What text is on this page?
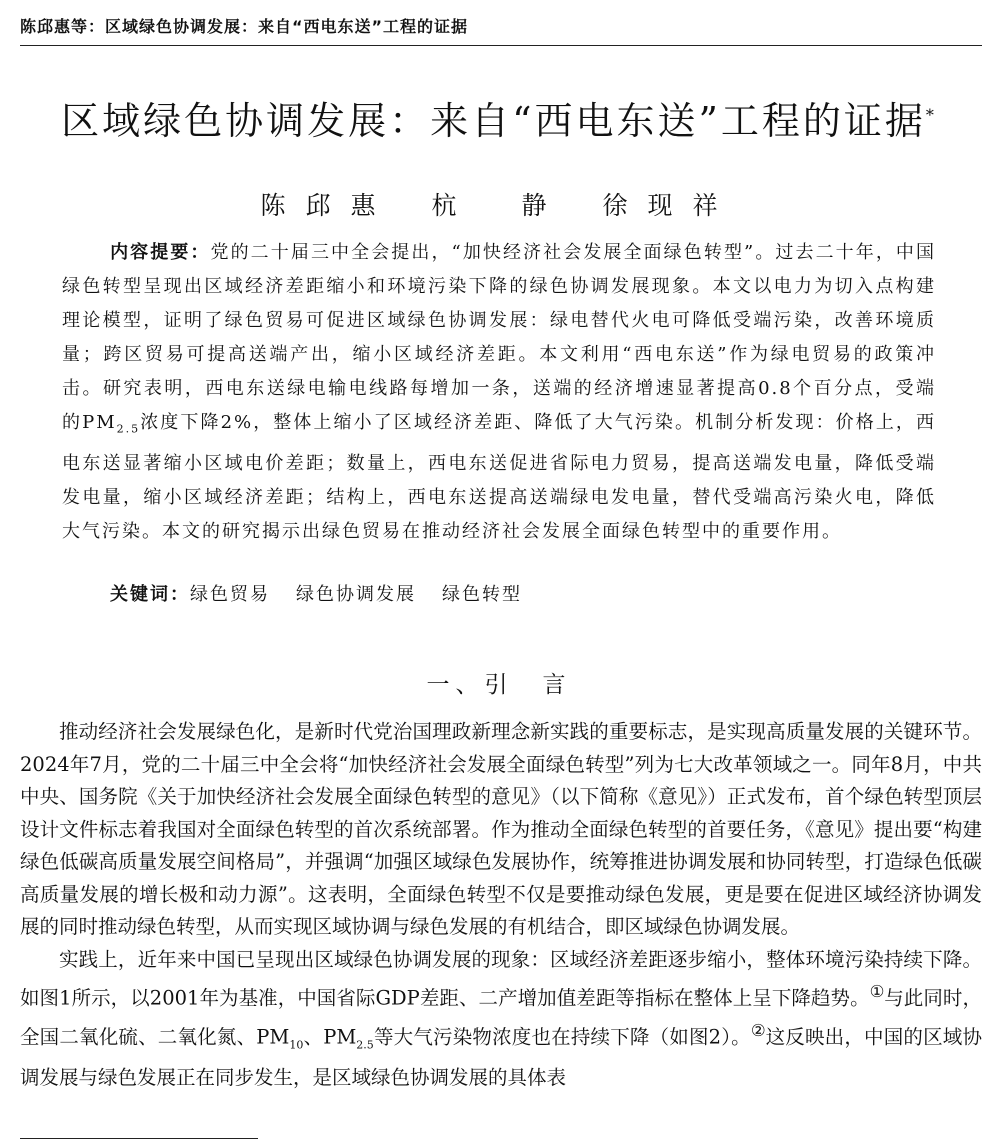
陈邱惠等：区域绿色协调发展：来自“西电东送”工程的证据
区域绿色协调发展：来自“西电东送”工程的证据*
陈邱惠 杭　静 徐现祥

内容提要：党的二十届三中全会提出，“加快经济社会发展全面绿色转型”。过去二十年，中国绿色转型呈现出区域经济差距缩小和环境污染下降的绿色协调发展现象。本文以电力为切入点构建理论模型，证明了绿色贸易可促进区域绿色协调发展：绿电替代火电可降低受端污染，改善环境质量；跨区贸易可提高送端产出，缩小区域经济差距。本文利用“西电东送”作为绿电贸易的政策冲击。研究表明，西电东送绿电输电线路每增加一条，送端的经济增速显著提高0.8个百分点，受端的$PM_{2.5}$浓度下降2%，整体上缩小了区域经济差距、降低了大气污染。机制分析发现：价格上，西电东送显著缩小区域电价差距；数量上，西电东送促进省际电力贸易，提高送端发电量，降低受端发电量，缩小区域经济差距；结构上，西电东送提高送端绿电发电量，替代受端高污染火电，降低大气污染。本文的研究揭示出绿色贸易在推动经济社会发展全面绿色转型中的重要作用。

关键词：绿色贸易 绿色协调发展 绿色转型
一、引　言

推动经济社会发展绿色化，是新时代党治国理政新理念新实践的重要标志，是实现高质量发展的关键环节。2024年7月，党的二十届三中全会将“加快经济社会发展全面绿色转型”列为七大改革领域之一。同年8月，中共中央、国务院《关于加快经济社会发展全面绿色转型的意见》（以下简称《意见》）正式发布，首个绿色转型顶层设计文件标志着我国对全面绿色转型的首次系统部署。作为推动全面绿色转型的首要任务，《意见》提出要“构建绿色低碳高质量发展空间格局”，并强调“加强区域绿色发展协作，统筹推进协调发展和协同转型，打造绿色低碳高质量发展的增长极和动力源”。这表明，全面绿色转型不仅是要推动绿色发展，更是要在促进区域经济协调发展的同时推动绿色转型，从而实现区域协调与绿色发展的有机结合，即区域绿色协调发展。

实践上，近年来中国已呈现出区域绿色协调发展的现象：区域经济差距逐步缩小，整体环境污染持续下降。如图1所示，以2001年为基准，中国省际GDP差距、二产增加值差距等指标在整体上呈下降趋势。①与此同时，全国二氧化硫、二氧化氮、$PM_{10}$、$PM_{2.5}$等大气污染物浓度也在持续下降（如图2）。②这反映出，中国的区域协调发展与绿色发展正在同步发生，是区域绿色协调发展的具体表
